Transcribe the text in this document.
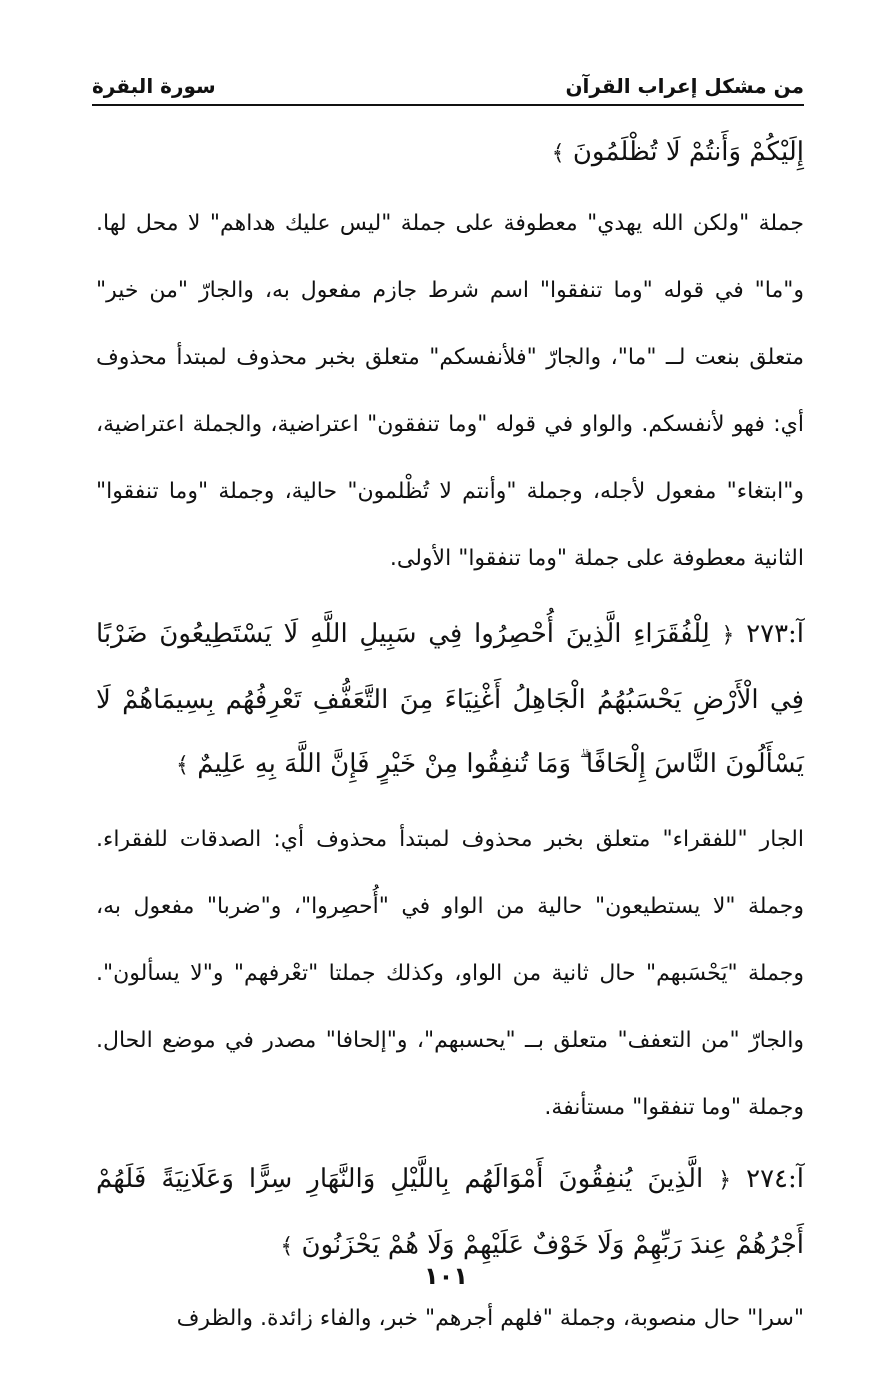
من مشكل إعراب القرآن
سورة البقرة

إِلَيْكُمْ وَأَنتُمْ لَا تُظْلَمُونَ ﴾

جملة "ولكن الله يهدي" معطوفة على جملة "ليس عليك هداهم" لا محل لها. و"ما" في قوله "وما تنفقوا" اسم شرط جازم مفعول به، والجارّ "من خير" متعلق بنعت لــ "ما"، والجارّ "فلأنفسكم" متعلق بخبر محذوف لمبتدأ محذوف أي: فهو لأنفسكم. والواو في قوله "وما تنفقون" اعتراضية، والجملة اعتراضية، و"ابتغاء" مفعول لأجله، وجملة "وأنتم لا تُظْلمون" حالية، وجملة "وما تنفقوا" الثانية معطوفة على جملة "وما تنفقوا" الأولى.

آ:٢٧٣ ﴿ لِلْفُقَرَاءِ الَّذِينَ أُحْصِرُوا فِي سَبِيلِ اللَّهِ لَا يَسْتَطِيعُونَ ضَرْبًا فِي الْأَرْضِ يَحْسَبُهُمُ الْجَاهِلُ أَغْنِيَاءَ مِنَ التَّعَفُّفِ تَعْرِفُهُم بِسِيمَاهُمْ لَا يَسْأَلُونَ النَّاسَ إِلْحَافًا ۗ وَمَا تُنفِقُوا مِنْ خَيْرٍ فَإِنَّ اللَّهَ بِهِ عَلِيمٌ ﴾

الجار "للفقراء" متعلق بخبر محذوف لمبتدأ محذوف أي: الصدقات للفقراء. وجملة "لا يستطيعون" حالية من الواو في "أُحصِروا"، و"ضربا" مفعول به، وجملة "يَحْسَبهم" حال ثانية من الواو، وكذلك جملتا "تعْرفهم" و"لا يسألون". والجارّ "من التعفف" متعلق بــ "يحسبهم"، و"إلحافا" مصدر في موضع الحال. وجملة "وما تنفقوا" مستأنفة.

آ:٢٧٤ ﴿ الَّذِينَ يُنفِقُونَ أَمْوَالَهُم بِاللَّيْلِ وَالنَّهَارِ سِرًّا وَعَلَانِيَةً فَلَهُمْ أَجْرُهُمْ عِندَ رَبِّهِمْ وَلَا خَوْفٌ عَلَيْهِمْ وَلَا هُمْ يَحْزَنُونَ ﴾

"سرا" حال منصوبة، وجملة "فلهم أجرهم" خبر، والفاء زائدة. والظرف

١٠١
